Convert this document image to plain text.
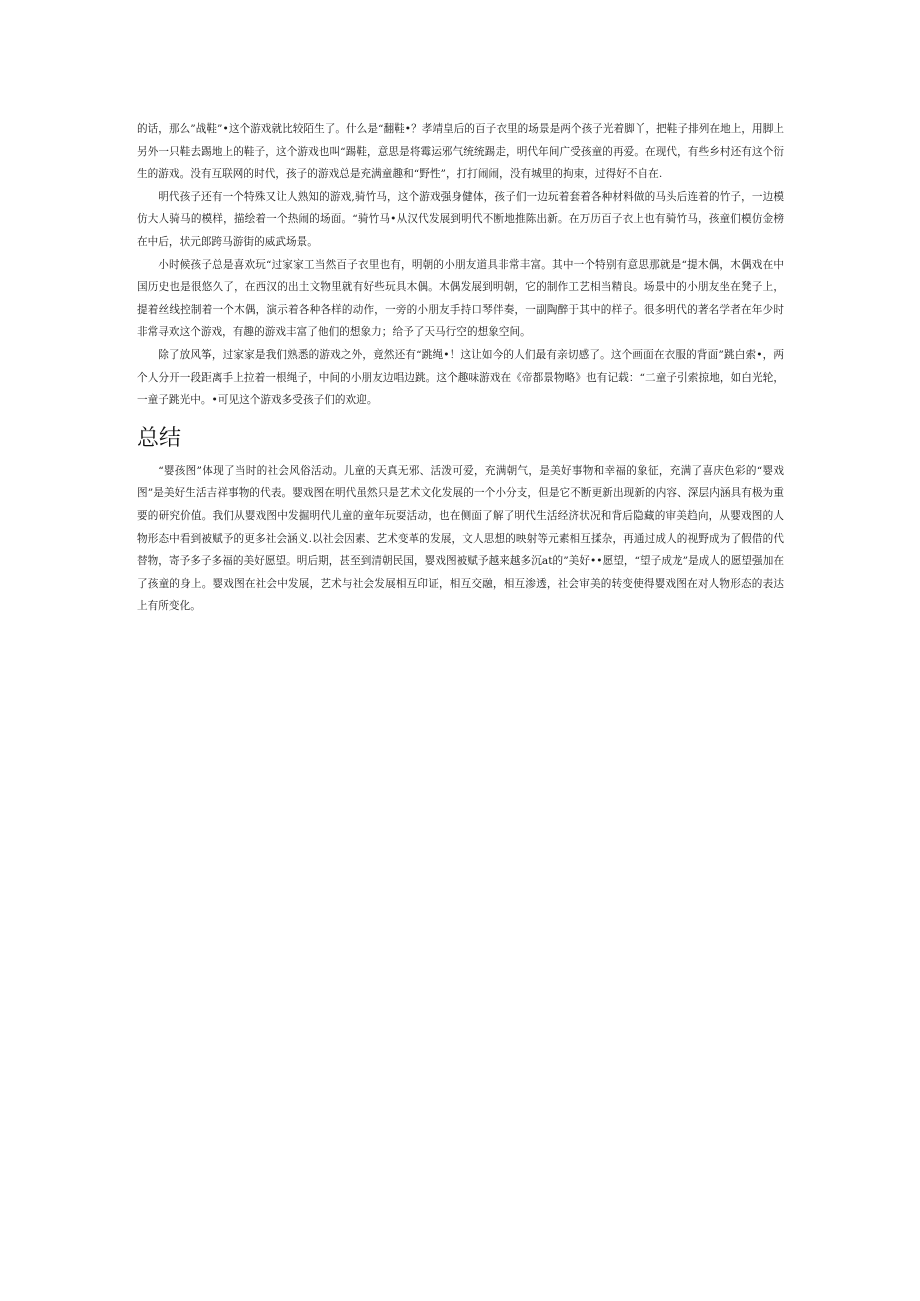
的话，那么”战鞋”•这个游戏就比较陌生了。什么是“翻鞋•？孝靖皇后的百子衣里的场景是两个孩子光着脚丫，把鞋子排列在地上，用脚上另外一只鞋去踢地上的鞋子，这个游戏也叫“踢鞋，意思是将霉运邪气统统踢走，明代年间广受孩童的再爱。在现代，有些乡村还有这个衍生的游戏。没有互联网的时代，孩子的游戏总是充满童趣和“野性”，打打闹闹，没有城里的拘束，过得好不自在.

明代孩子还有一个特殊又让人熟知的游戏,骑竹马，这个游戏强身健体，孩子们一边玩着套着各种材料做的马头后连着的竹子，一边模仿大人骑马的模样，描绘着一个热闹的场面。“骑竹马•从汉代发展到明代不断地推陈出新。在万历百子衣上也有骑竹马，孩童们模仿金榜在中后，状元郎跨马游街的威武场景。

小时候孩子总是喜欢玩“过家家工当然百子衣里也有，明朝的小朋友道具非常丰富。其中一个特别有意思那就是“提木偶，木偶戏在中国历史也是很悠久了，在西汉的出土文物里就有好些玩具木偶。木偶发展到明朝，它的制作工艺相当精良。场景中的小朋友坐在凳子上，提着丝线控制着一个木偶，演示着各种各样的动作，一旁的小朋友手持口琴伴奏，一副陶醉于其中的样子。很多明代的著名学者在年少时非常寻欢这个游戏，有趣的游戏丰富了他们的想象力；给予了天马行空的想象空间。

除了放风筝，过家家是我们熟悉的游戏之外，竟然还有“跳绳•！这让如今的人们最有亲切感了。这个画面在衣服的背面”跳白索•，两个人分开一段距离手上拉着一根绳子，中间的小朋友边唱边跳。这个趣味游戏在《帝都景物略》也有记载：“二童子引索掠地，如白光轮，一童子跳光中。•可见这个游戏多受孩子们的欢迎。

总结

“婴孩图”体现了当时的社会风俗活动。儿童的天真无邪、活泼可爱，充满朝气，是美好事物和幸福的象征，充满了喜庆色彩的“婴戏图”是美好生活吉祥事物的代表。婴戏图在明代虽然只是艺术文化发展的一个小分支，但是它不断更新出现新的内容、深层内涵具有极为重要的研究价值。我们从婴戏图中发掘明代儿童的童年玩耍活动，也在侧面了解了明代生活经济状况和背后隐藏的审美趋向，从婴戏图的人物形态中看到被赋予的更多社会涵义.以社会因素、艺术变革的发展，文人思想的映射等元素相互揉杂，再通过成人的视野成为了假借的代替物，寄予多子多福的美好愿望。明后期，甚至到清朝民国，婴戏图被赋予越来越多沉at的”美好••愿望，“望子成龙”是成人的愿望强加在了孩童的身上。婴戏图在社会中发展，艺术与社会发展相互印证，相互交融，相互渗透，社会审美的转变使得婴戏图在对人物形态的表达上有所变化。
